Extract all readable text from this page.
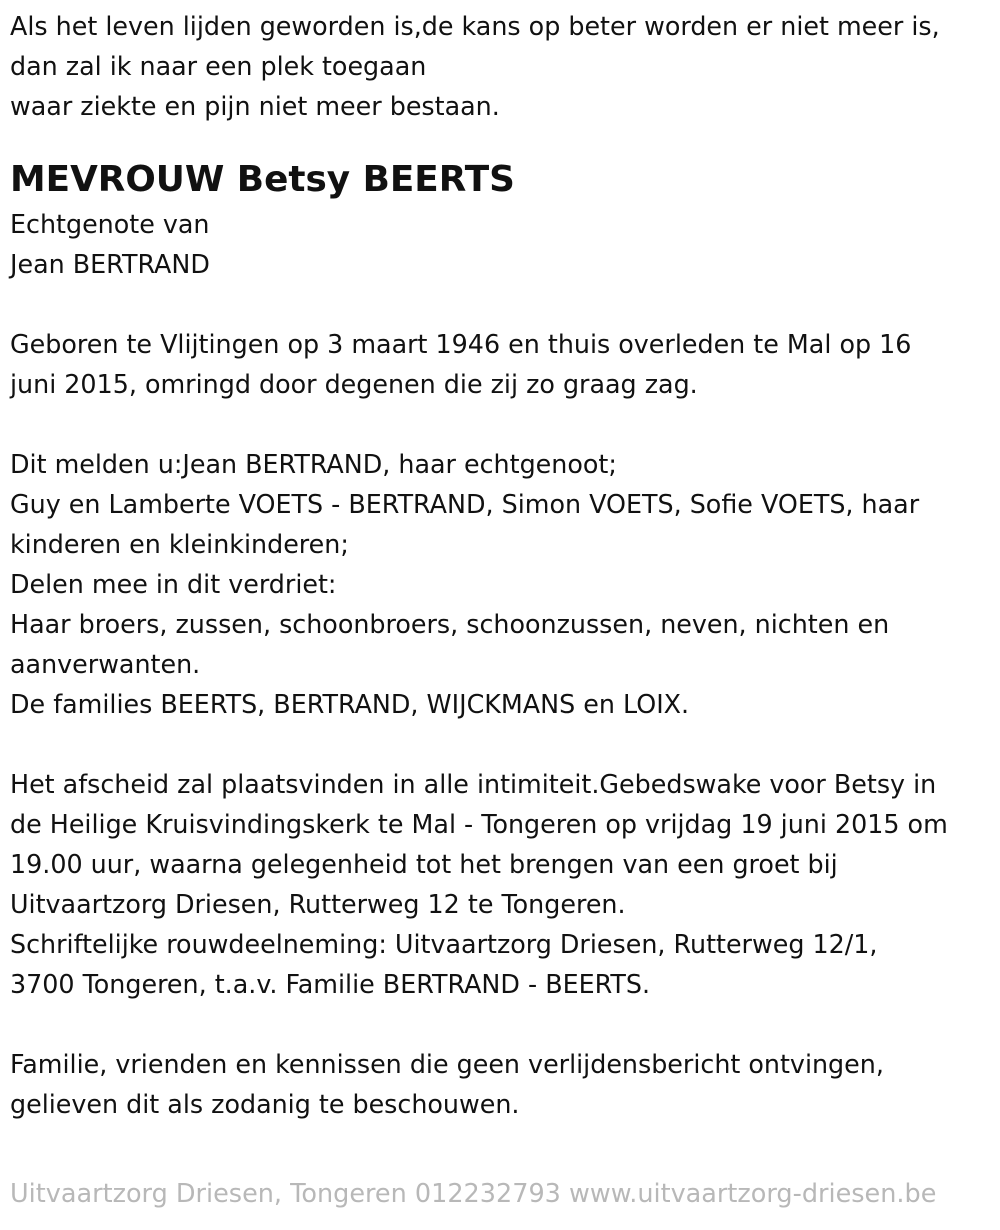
Als het leven lijden geworden is,de kans op beter worden er niet meer is,
dan zal ik naar een plek toegaan
waar ziekte en pijn niet meer bestaan.
MEVROUW Betsy BEERTS
Echtgenote van
Jean BERTRAND
Geboren te Vlijtingen op 3 maart 1946 en thuis overleden te Mal op 16
juni 2015, omringd door degenen die zij zo graag zag.
Dit melden u:Jean BERTRAND, haar echtgenoot;
Guy en Lamberte VOETS - BERTRAND, Simon VOETS, Sofie VOETS, haar
kinderen en kleinkinderen;
Delen mee in dit verdriet:
Haar broers, zussen, schoonbroers, schoonzussen, neven, nichten en
aanverwanten.
De families BEERTS, BERTRAND, WIJCKMANS en LOIX.
Het afscheid zal plaatsvinden in alle intimiteit.Gebedswake voor Betsy in
de Heilige Kruisvindingskerk te Mal - Tongeren op vrijdag 19 juni 2015 om
19.00 uur, waarna gelegenheid tot het brengen van een groet bij
Uitvaartzorg Driesen, Rutterweg 12 te Tongeren.
Schriftelijke rouwdeelneming: Uitvaartzorg Driesen, Rutterweg 12/1,
3700 Tongeren, t.a.v. Familie BERTRAND - BEERTS.
Familie, vrienden en kennissen die geen verlijdensbericht ontvingen,
gelieven dit als zodanig te beschouwen.
Uitvaartzorg Driesen, Tongeren 012232793 www.uitvaartzorg-driesen.be
